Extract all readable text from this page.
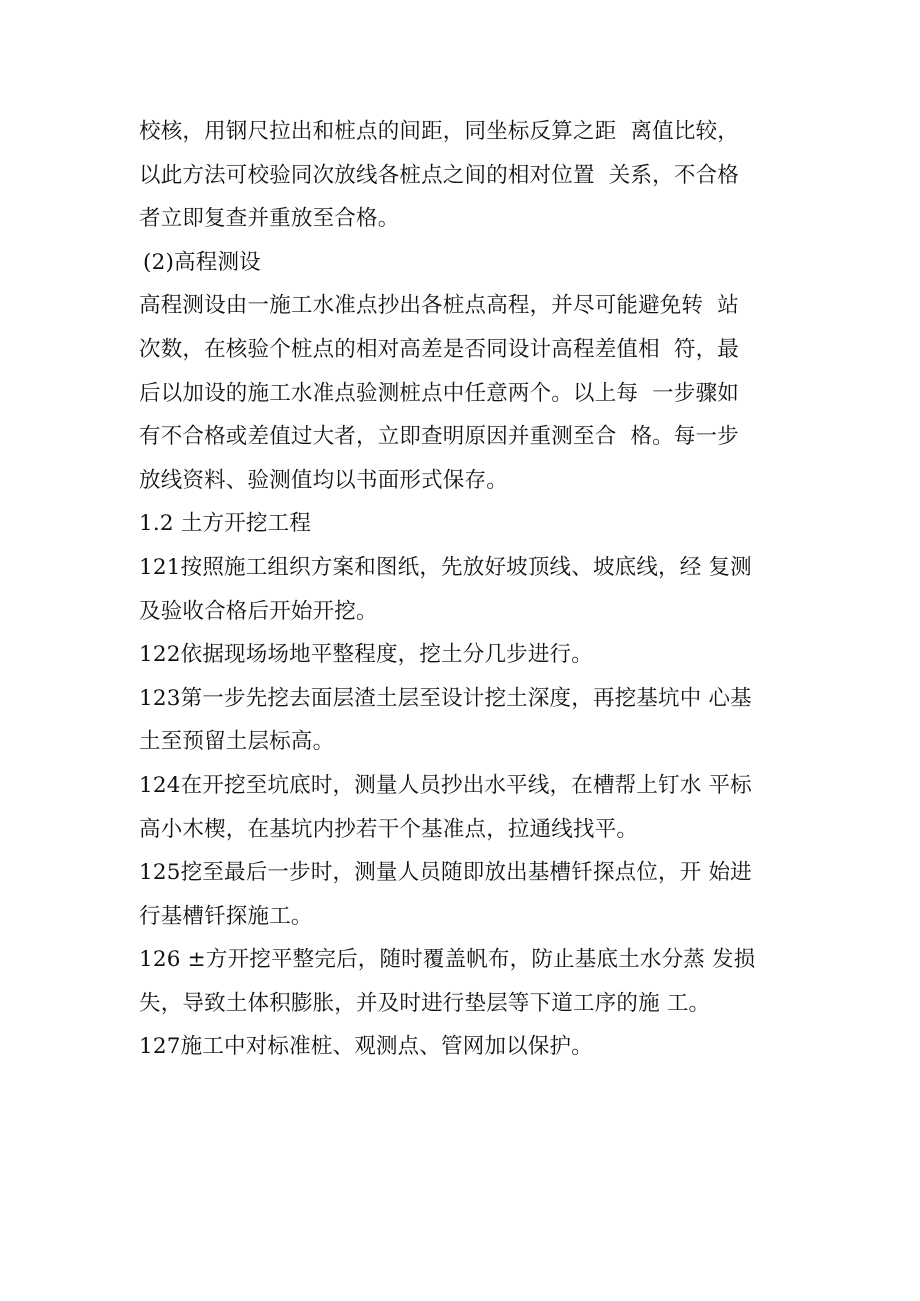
校核，用钢尺拉出和桩点的间距，同坐标反算之距  离值比较，
以此方法可校验同次放线各桩点之间的相对位置  关系，不合格
者立即复查并重放至合格。
(2)高程测设
高程测设由一施工水准点抄出各桩点高程，并尽可能避免转  站
次数，在核验个桩点的相对高差是否同设计高程差值相  符，最
后以加设的施工水准点验测桩点中任意两个。以上每  一步骤如
有不合格或差值过大者，立即查明原因并重测至合  格。每一步
放线资料、验测值均以书面形式保存。
1.2 土方开挖工程
121按照施工组织方案和图纸，先放好坡顶线、坡底线，经 复测
及验收合格后开始开挖。
122依据现场场地平整程度，挖土分几步进行。
123第一步先挖去面层渣土层至设计挖土深度，再挖基坑中 心基
土至预留土层标高。
124在开挖至坑底时，测量人员抄出水平线，在槽帮上钉水 平标
高小木楔，在基坑内抄若干个基准点，拉通线找平。
125挖至最后一步时，测量人员随即放出基槽钎探点位，开 始进
行基槽钎探施工。
126 ±方开挖平整完后，随时覆盖帆布，防止基底土水分蒸 发损
失，导致土体积膨胀，并及时进行垫层等下道工序的施 工。
127施工中对标准桩、观测点、管网加以保护。
